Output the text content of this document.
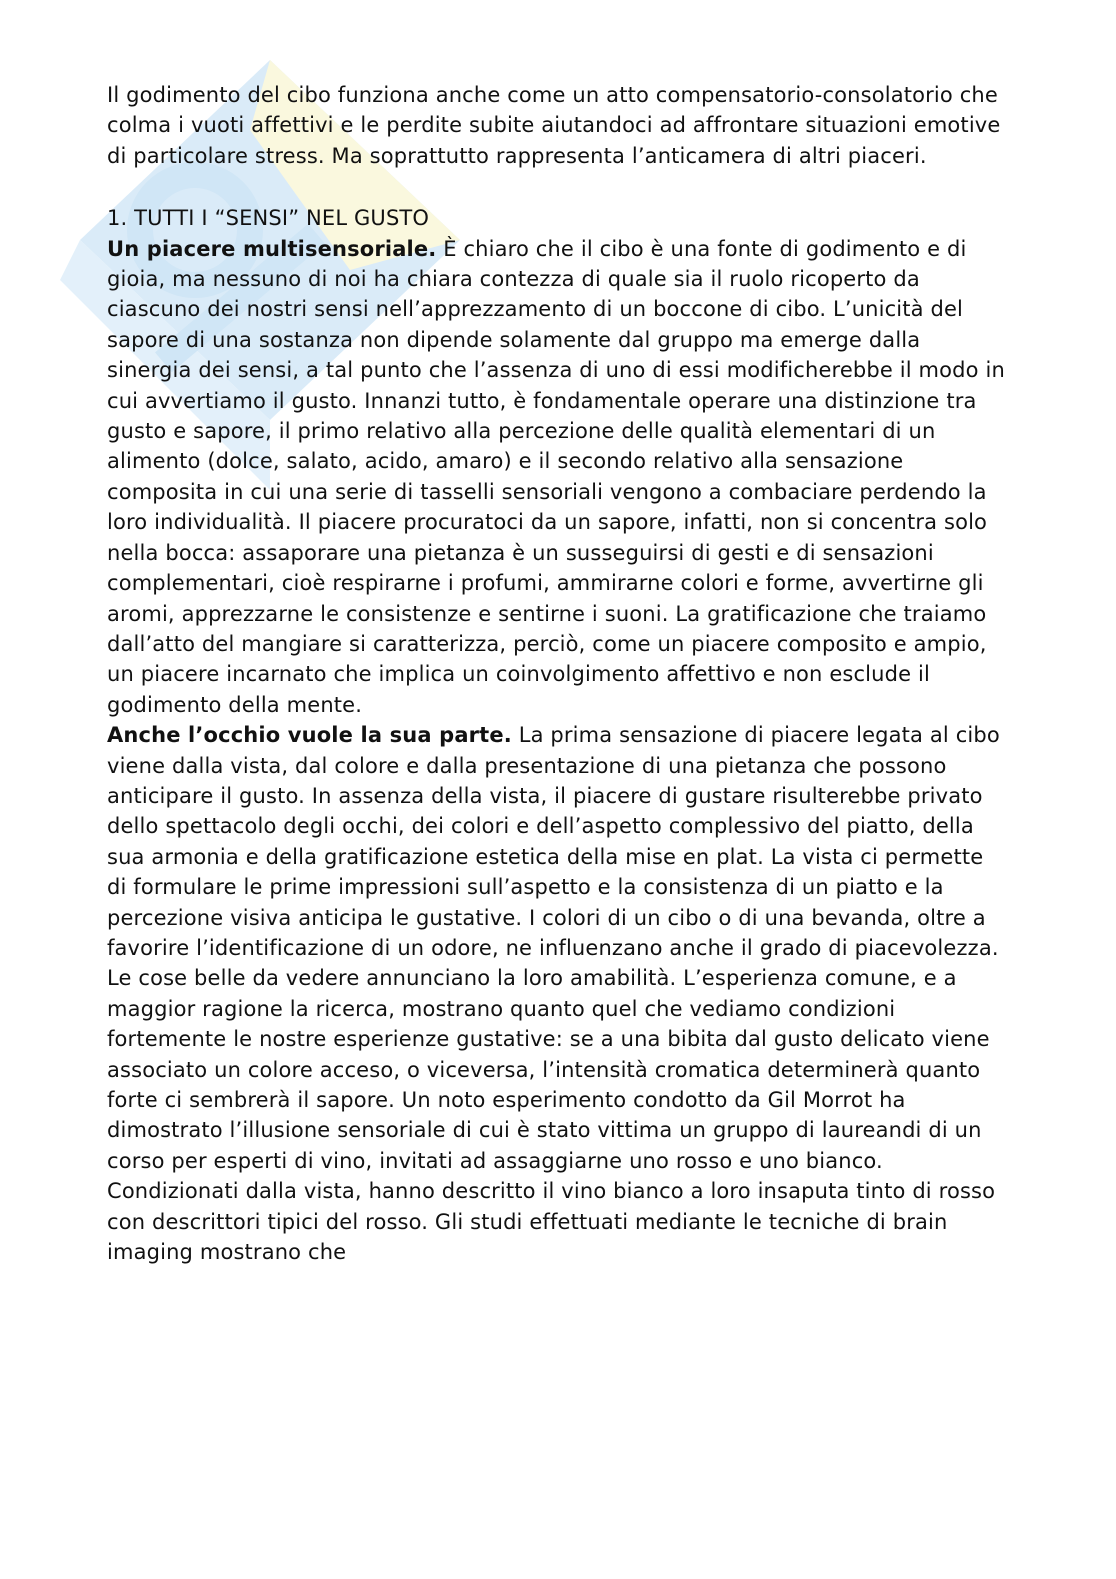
Il godimento del cibo funziona anche come un atto compensatorio-consolatorio che colma i vuoti affettivi e le perdite subite aiutandoci ad affrontare situazioni emotive di particolare stress. Ma soprattutto rappresenta l’anticamera di altri piaceri.

1. TUTTI I “SENSI” NEL GUSTO

Un piacere multisensoriale. È chiaro che il cibo è una fonte di godimento e di gioia, ma nessuno di noi ha chiara contezza di quale sia il ruolo ricoperto da ciascuno dei nostri sensi nell’apprezzamento di un boccone di cibo. L’unicità del sapore di una sostanza non dipende solamente dal gruppo ma emerge dalla sinergia dei sensi, a tal punto che l’assenza di uno di essi modificherebbe il modo in cui avvertiamo il gusto. Innanzi tutto, è fondamentale operare una distinzione tra gusto e sapore, il primo relativo alla percezione delle qualità elementari di un alimento (dolce, salato, acido, amaro) e il secondo relativo alla sensazione composita in cui una serie di tasselli sensoriali vengono a combaciare perdendo la loro individualità. Il piacere procuratoci da un sapore, infatti, non si concentra solo nella bocca: assaporare una pietanza è un susseguirsi di gesti e di sensazioni complementari, cioè respirarne i profumi, ammirarne colori e forme, avvertirne gli aromi, apprezzarne le consistenze e sentirne i suoni. La gratificazione che traiamo dall’atto del mangiare si caratterizza, perciò, come un piacere composito e ampio, un piacere incarnato che implica un coinvolgimento affettivo e non esclude il godimento della mente.

Anche l’occhio vuole la sua parte. La prima sensazione di piacere legata al cibo viene dalla vista, dal colore e dalla presentazione di una pietanza che possono anticipare il gusto. In assenza della vista, il piacere di gustare risulterebbe privato dello spettacolo degli occhi, dei colori e dell’aspetto complessivo del piatto, della sua armonia e della gratificazione estetica della mise en plat. La vista ci permette di formulare le prime impressioni sull’aspetto e la consistenza di un piatto e la percezione visiva anticipa le gustative. I colori di un cibo o di una bevanda, oltre a favorire l’identificazione di un odore, ne influenzano anche il grado di piacevolezza. Le cose belle da vedere annunciano la loro amabilità. L’esperienza comune, e a maggior ragione la ricerca, mostrano quanto quel che vediamo condizioni fortemente le nostre esperienze gustative: se a una bibita dal gusto delicato viene associato un colore acceso, o viceversa, l’intensità cromatica determinerà quanto forte ci sembrerà il sapore. Un noto esperimento condotto da Gil Morrot ha dimostrato l’illusione sensoriale di cui è stato vittima un gruppo di laureandi di un corso per esperti di vino, invitati ad assaggiarne uno rosso e uno bianco. Condizionati dalla vista, hanno descritto il vino bianco a loro insaputa tinto di rosso con descrittori tipici del rosso. Gli studi effettuati mediante le tecniche di brain imaging mostrano che
